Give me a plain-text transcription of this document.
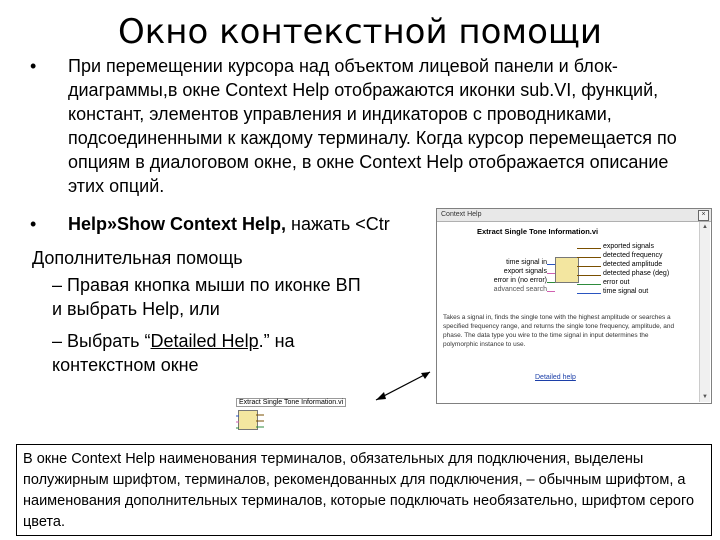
Окно контекстной помощи
• При перемещении курсора над объектом лицевой панели и блок-диаграммы,в окне Context Help отображаются иконки sub.VI, функций, констант, элементов управления и индикаторов с проводниками, подсоединенными к каждому терминалу. Когда курсор перемещается по опциям в диалоговом окне, в окне Context Help отображается описание этих опций.
• Help»Show Context Help, нажать <Ctr
Дополнительная помощь
– Правая кнопка мыши по иконке ВП и выбрать Help, или
– Выбрать “Detailed Help.” на контекстном окне
Context Help	×
Extract Single Tone Information.vi
time signal in
export signals
error in (no error)
advanced search
exported signals
detected frequency
detected amplitude
detected phase (deg)
error out
time signal out
Takes a signal in, finds the single tone with the highest amplitude or searches a specified frequency range, and returns the single tone frequency, amplitude, and phase. The data type you wire to the time signal in input determines the polymorphic instance to use.
Detailed help
▲
▼
Extract Single Tone Information.vi
В окне Context Help наименования терминалов, обязательных для подключения, выделены полужирным шрифтом, терминалов, рекомендованных для подключения, – обычным шрифтом, а наименования дополнительных терминалов, которые подключать необязательно, шрифтом серого цвета.
